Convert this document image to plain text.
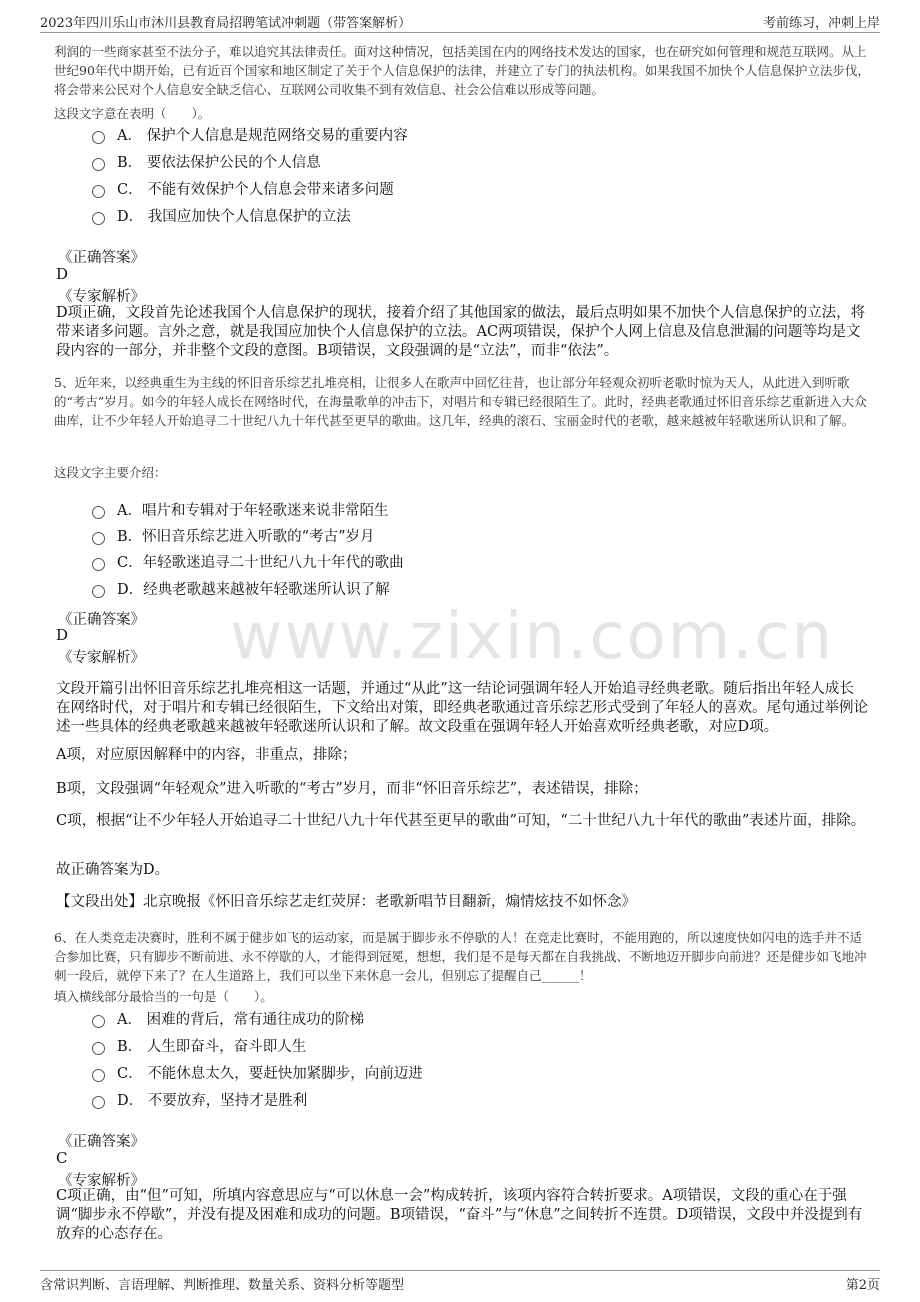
2023年四川乐山市沐川县教育局招聘笔试冲刺题（带答案解析）	考前练习，冲刺上岸
www.zixin.com.cn
利润的一些商家甚至不法分子，难以追究其法律责任。面对这种情况，包括美国在内的网络技术发达的国家，也在研究如何管理和规范互联网。从上世纪90年代中期开始，已有近百个国家和地区制定了关于个人信息保护的法律，并建立了专门的执法机构。如果我国不加快个人信息保护立法步伐，将会带来公民对个人信息安全缺乏信心、互联网公司收集不到有效信息、社会公信难以形成等问题。
这段文字意在表明（　　）。
A． 保护个人信息是规范网络交易的重要内容
B． 要依法保护公民的个人信息
C． 不能有效保护个人信息会带来诸多问题
D． 我国应加快个人信息保护的立法
《正确答案》
D
《专家解析》
D项正确，文段首先论述我国个人信息保护的现状，接着介绍了其他国家的做法，最后点明如果不加快个人信息保护的立法，将带来诸多问题。言外之意，就是我国应加快个人信息保护的立法。AC两项错误，保护个人网上信息及信息泄漏的问题等均是文段内容的一部分，并非整个文段的意图。B项错误，文段强调的是“立法”，而非“依法”。
5、近年来，以经典重生为主线的怀旧音乐综艺扎堆亮相，让很多人在歌声中回忆往昔，也让部分年轻观众初听老歌时惊为天人，从此进入到听歌的“考古”岁月。如今的年轻人成长在网络时代，在海量歌单的冲击下，对唱片和专辑已经很陌生了。此时，经典老歌通过怀旧音乐综艺重新进入大众曲库，让不少年轻人开始追寻二十世纪八九十年代甚至更早的歌曲。这几年，经典的滚石、宝丽金时代的老歌，越来越被年轻歌迷所认识和了解。
这段文字主要介绍：
A．唱片和专辑对于年轻歌迷来说非常陌生
B．怀旧音乐综艺进入听歌的“考古”岁月
C．年轻歌迷追寻二十世纪八九十年代的歌曲
D．经典老歌越来越被年轻歌迷所认识了解
《正确答案》
D
《专家解析》
文段开篇引出怀旧音乐综艺扎堆亮相这一话题，并通过“从此”这一结论词强调年轻人开始追寻经典老歌。随后指出年轻人成长在网络时代，对于唱片和专辑已经很陌生，下文给出对策，即经典老歌通过音乐综艺形式受到了年轻人的喜欢。尾句通过举例论述一些具体的经典老歌越来越被年轻歌迷所认识和了解。故文段重在强调年轻人开始喜欢听经典老歌，对应D项。
A项，对应原因解释中的内容，非重点，排除；
B项，文段强调“年轻观众”进入听歌的“考古”岁月，而非“怀旧音乐综艺”，表述错误，排除；
C项，根据“让不少年轻人开始追寻二十世纪八九十年代甚至更早的歌曲”可知，“二十世纪八九十年代的歌曲”表述片面，排除。
故正确答案为D。
【文段出处】北京晚报《怀旧音乐综艺走红荧屏：老歌新唱节目翻新，煽情炫技不如怀念》
6、在人类竞走决赛时，胜利不属于健步如飞的运动家，而是属于脚步永不停歇的人！在竞走比赛时，不能用跑的，所以速度快如闪电的选手并不适合参加比赛，只有脚步不断前进、永不停歇的人，才能得到冠冕，想想，我们是不是每天都在自我挑战、不断地迈开脚步向前进？还是健步如飞地冲刺一段后，就停下来了？在人生道路上，我们可以坐下来休息一会儿，但别忘了提醒自己______！
填入横线部分最恰当的一句是（　　）。
A． 困难的背后，常有通往成功的阶梯
B． 人生即奋斗，奋斗即人生
C． 不能休息太久，要赶快加紧脚步，向前迈进
D． 不要放弃，坚持才是胜利
《正确答案》
C
《专家解析》
C项正确，由“但”可知，所填内容意思应与“可以休息一会”构成转折，该项内容符合转折要求。A项错误，文段的重心在于强调“脚步永不停歇”，并没有提及困难和成功的问题。B项错误，“奋斗”与“休息”之间转折不连贯。D项错误，文段中并没提到有放弃的心态存在。
含常识判断、言语理解、判断推理、数量关系、资料分析等题型	第2页
